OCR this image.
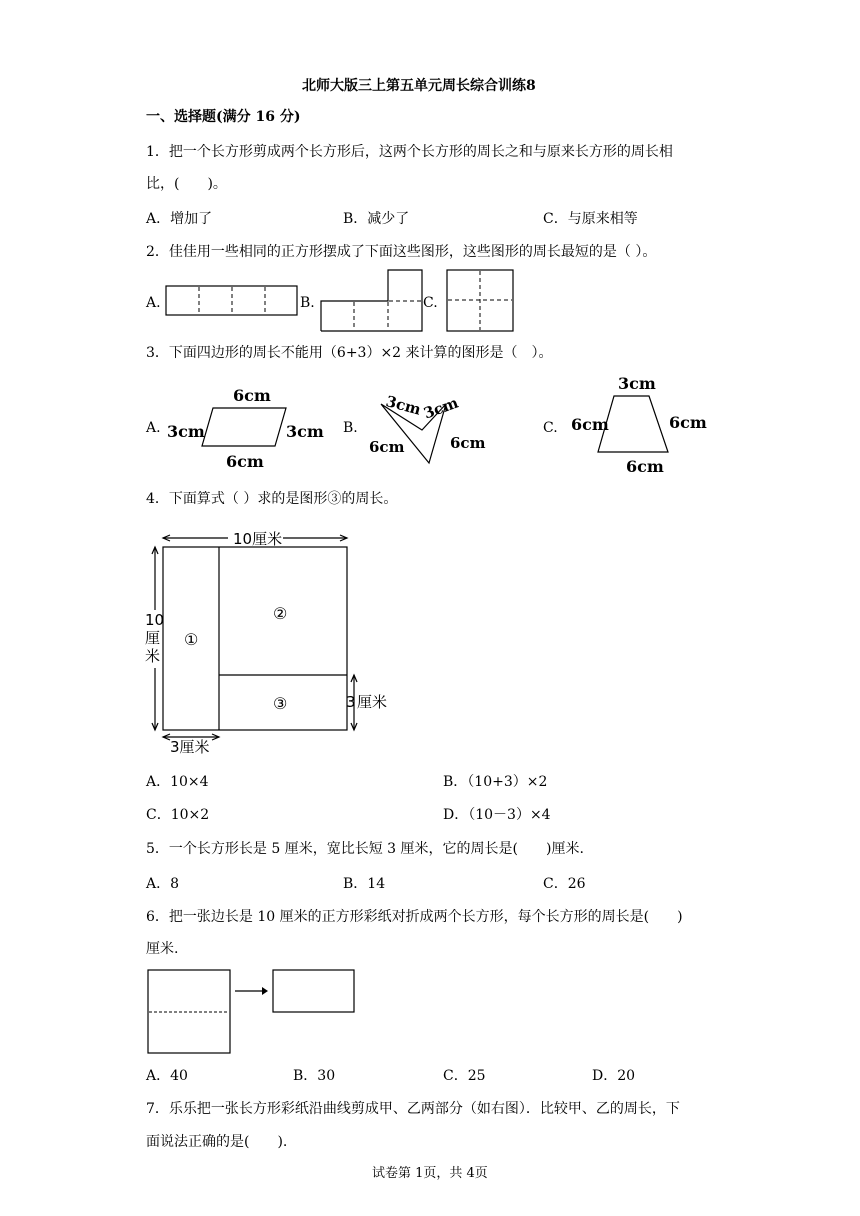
北师大版三上第五单元周长综合训练8
一、选择题(满分 16 分)
1．把一个长方形剪成两个长方形后，这两个长方形的周长之和与原来长方形的周长相
比，(　　)。
A．增加了	B．减少了	C．与原来相等
2．佳佳用一些相同的正方形摆成了下面这些图形，这些图形的周长最短的是（ ）。
A.	B.	C.
3．下面四边形的周长不能用（6+3）×2 来计算的图形是（　）。
A.	B.	C.
6cm
3cm	3cm
6cm
3cm
3cm
6cm	6cm
3cm
6cm	6cm
6cm
4．下面算式（ ）求的是图形③的周长。
10厘米
10
厘
米
3 厘米
3厘米
①
②
③
A．10×4	B．（10+3）×2
C．10×2	D．（10－3）×4
5．一个长方形长是 5 厘米，宽比长短 3 厘米，它的周长是(　　)厘米.
A．8	B．14	C．26
6．把一张边长是 10 厘米的正方形彩纸对折成两个长方形，每个长方形的周长是(　　)
厘米.
A．40	B．30	C．25	D．20
7．乐乐把一张长方形彩纸沿曲线剪成甲、乙两部分（如右图）．比较甲、乙的周长，下
面说法正确的是(　　).
试卷第 1页，共 4页
